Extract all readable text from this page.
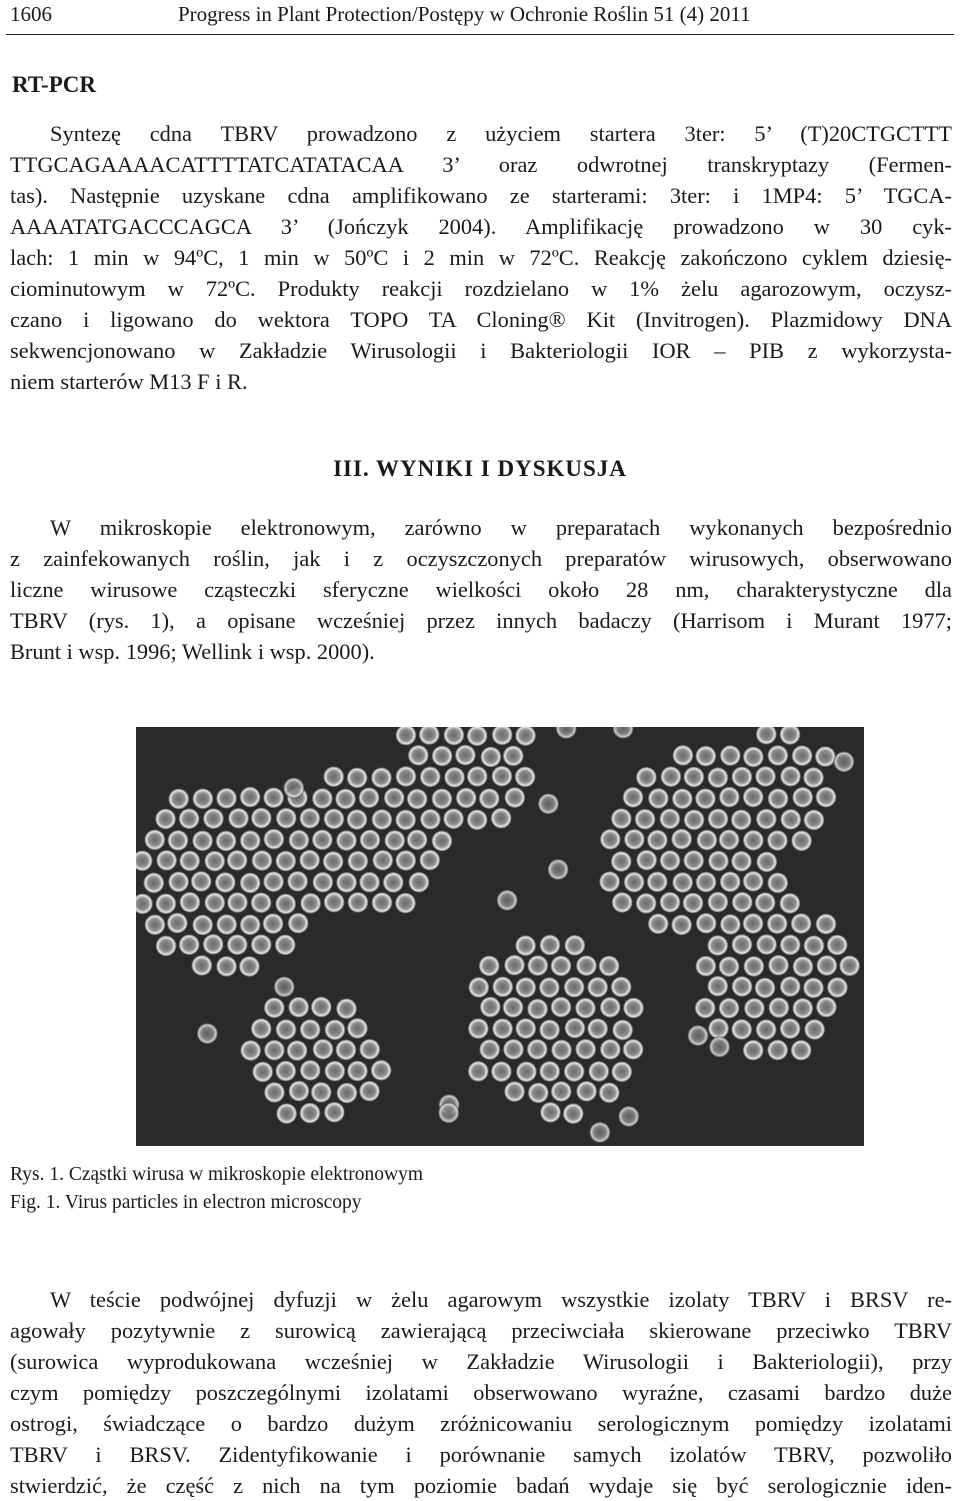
1606	Progress in Plant Protection/Postępy w Ochronie Roślin 51 (4) 2011
RT-PCR
Syntezę cdna TBRV prowadzono z użyciem startera 3ter: 5’ (T)20CTGCTTT
TTGCAGAAAACATTTTATCATATACAA 3’ oraz odwrotnej transkryptazy (Fermen-
tas). Następnie uzyskane cdna amplifikowano ze starterami: 3ter: i 1MP4: 5’ TGCA-
AAAATATGACCCAGCA 3’ (Jończyk 2004). Amplifikację prowadzono w 30 cyk-
lach: 1 min w 94ºC, 1 min w 50ºC i 2 min w 72ºC. Reakcję zakończono cyklem dziesię-
ciominutowym w 72ºC. Produkty reakcji rozdzielano w 1% żelu agarozowym, oczysz-
czano i ligowano do wektora TOPO TA Cloning® Kit (Invitrogen). Plazmidowy DNA
sekwencjonowano w Zakładzie Wirusologii i Bakteriologii IOR – PIB z wykorzysta-
niem starterów M13 F i R.
III. WYNIKI I DYSKUSJA
W mikroskopie elektronowym, zarówno w preparatach wykonanych bezpośrednio
z zainfekowanych roślin, jak i z oczyszczonych preparatów wirusowych, obserwowano
liczne wirusowe cząsteczki sferyczne wielkości około 28 nm, charakterystyczne dla
TBRV (rys. 1), a opisane wcześniej przez innych badaczy (Harrisom i Murant 1977;
Brunt i wsp. 1996; Wellink i wsp. 2000).
Rys. 1. Cząstki wirusa w mikroskopie elektronowym
Fig. 1. Virus particles in electron microscopy
W teście podwójnej dyfuzji w żelu agarowym wszystkie izolaty TBRV i BRSV re-
agowały pozytywnie z surowicą zawierającą przeciwciała skierowane przeciwko TBRV
(surowica wyprodukowana wcześniej w Zakładzie Wirusologii i Bakteriologii), przy
czym pomiędzy poszczególnymi izolatami obserwowano wyraźne, czasami bardzo duże
ostrogi, świadczące o bardzo dużym zróżnicowaniu serologicznym pomiędzy izolatami
TBRV i BRSV. Zidentyfikowanie i porównanie samych izolatów TBRV, pozwoliło
stwierdzić, że część z nich na tym poziomie badań wydaje się być serologicznie iden-
